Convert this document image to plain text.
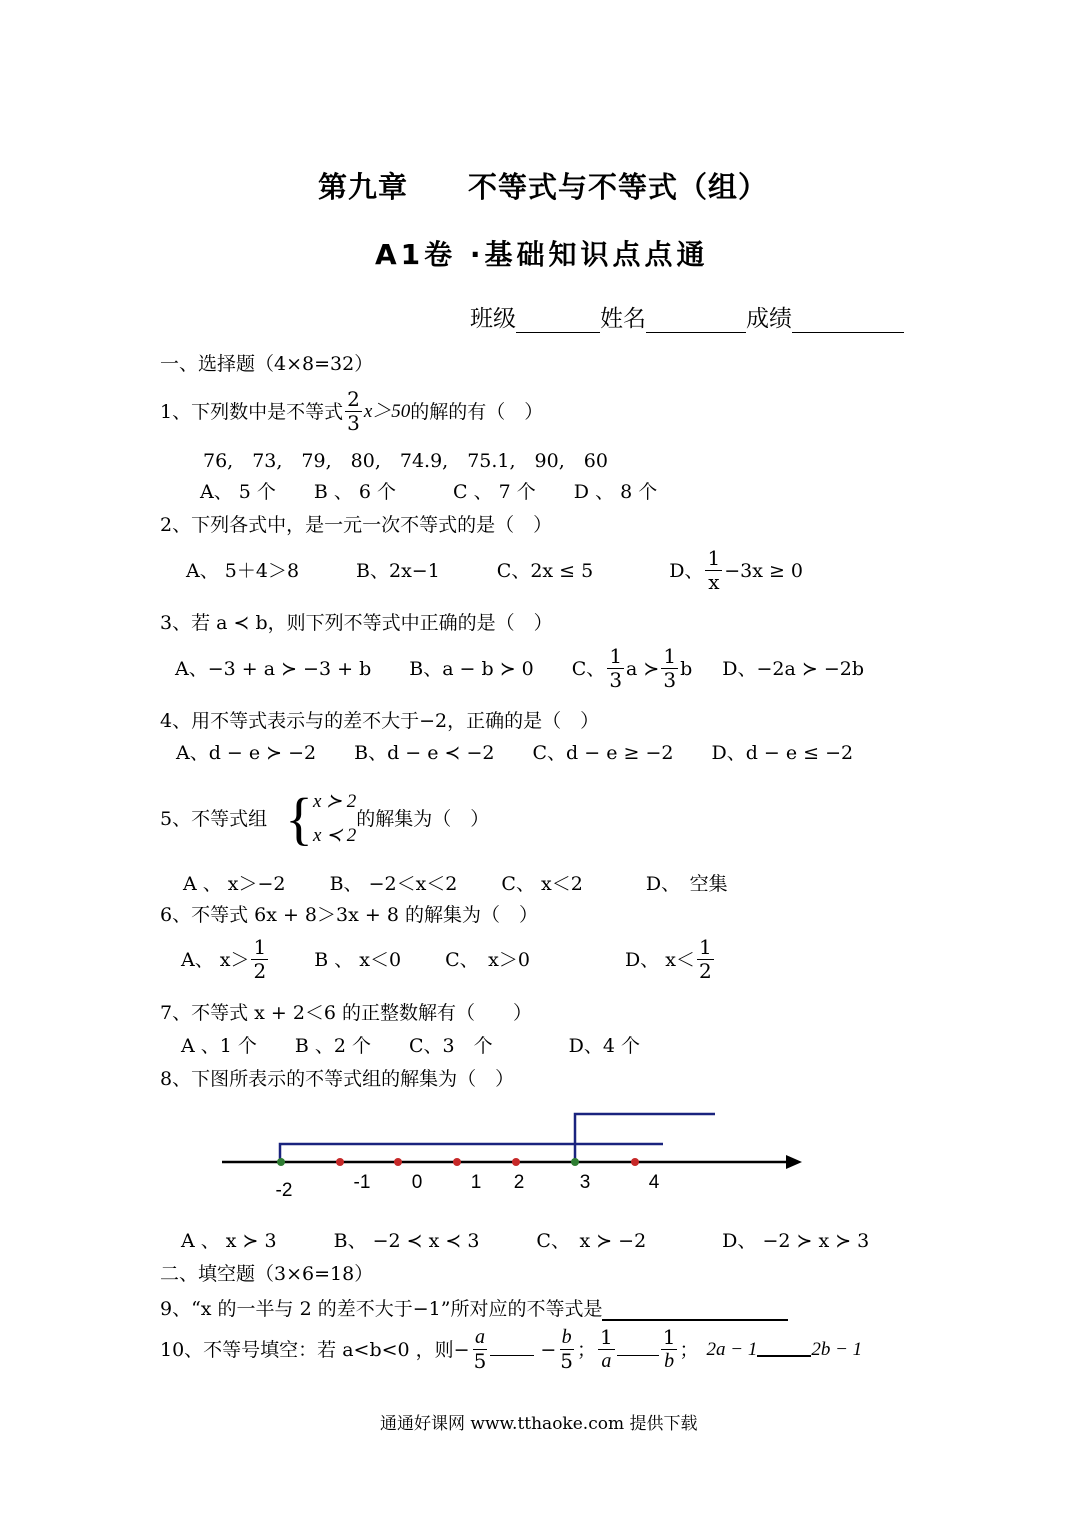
第九章　　不等式与不等式（组）
A1卷 ·基础知识点点通
班级	姓名	成绩
一、选择题（4×8=32）
1、下列数中是不等式 $\frac{2}{3} x>50$ 的解的有（　）
76,　73,　79,　80,　74.9,　75.1,　90,　60
A、 5 个　　B 、 6 个　　　C 、 7 个　　D 、 8 个
2、下列各式中，是一元一次不等式的是（　）
A、 5＋4＞8　　　B、2x−1　　　C、2x ≤ 5　　　　D、 $\frac{1}{x} -3x \ge 0$
3、若 a ≺ b，则下列不等式中正确的是（　）
A、−3 + a ≻ −3 + b　　B、a − b ≻ 0　　C、 $\frac{1}{3}$ a ≻ $\frac{1}{3}$ b D、−2a ≻ −2b
4、用不等式表示与的差不大于−2，正确的是（　）
A、d − e ≻ −2　　B、d − e ≺ −2　　C、d − e ≥ −2　　D、d − e ≤ −2
5、不等式组 { x ≻ 2
x ≺ 2
的解集为（　）
A 、 x＞−2　　 B、 −2＜x＜2　　 C、 x＜2　　　 D、　空集
6、不等式 6x + 8＞3x + 8 的解集为（　）
A、 $x> \frac{1}{2}$ B 、 x＜0　　 C、　x＞0　　　　　D、 $x< \frac{1}{2}$
7、不等式 x + 2＜6 的正整数解有（　　）
A 、1 个　　B 、2 个　　C、3　个　　　　D、4 个
8、下图所表示的不等式组的解集为（　）
-2	-1 0	1 2	3	4
A 、 x ≻ 3　　　B、 −2 ≺ x ≺ 3　　　C、　x ≻ −2　　　　D、 −2 ≻ x ≻ 3
二、填空题（3×6=18）
9、“x 的一半与 2 的差不大于−1”所对应的不等式是
10、不等号填空：若 a<b<0 ，则− $\frac{a}{5}$	− $\frac{b}{5}$ ； $\frac{1}{a} \frac{1}{b}$ ； 2a − 1	2b − 1
通通好课网 www.tthaoke.com 提供下载
